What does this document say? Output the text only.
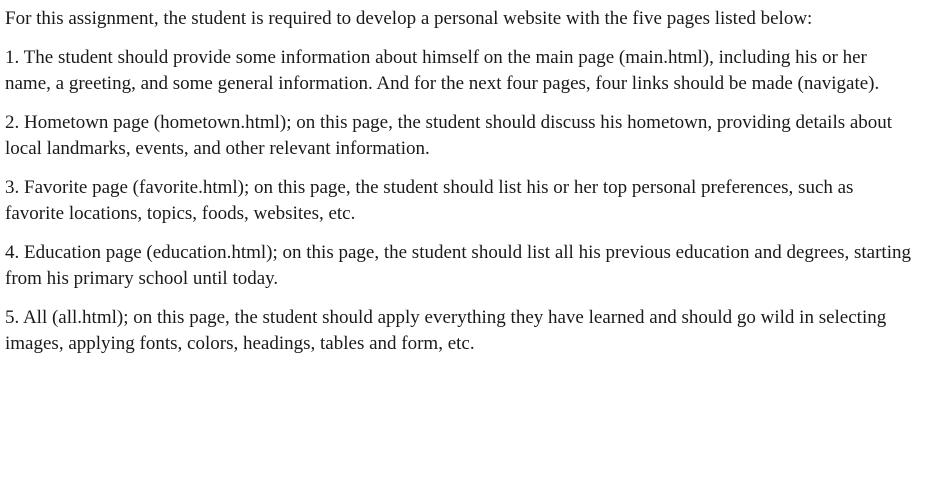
For this assignment, the student is required to develop a personal website with the five pages listed below:

1. The student should provide some information about himself on the main page (main.html), including his or her name, a greeting, and some general information. And for the next four pages, four links should be made (navigate).

2. Hometown page (hometown.html); on this page, the student should discuss his hometown, providing details about local landmarks, events, and other relevant information.

3. Favorite page (favorite.html); on this page, the student should list his or her top personal preferences, such as favorite locations, topics, foods, websites, etc.

4. Education page (education.html); on this page, the student should list all his previous education and degrees, starting from his primary school until today.

5. All (all.html); on this page, the student should apply everything they have learned and should go wild in selecting images, applying fonts, colors, headings, tables and form, etc.
